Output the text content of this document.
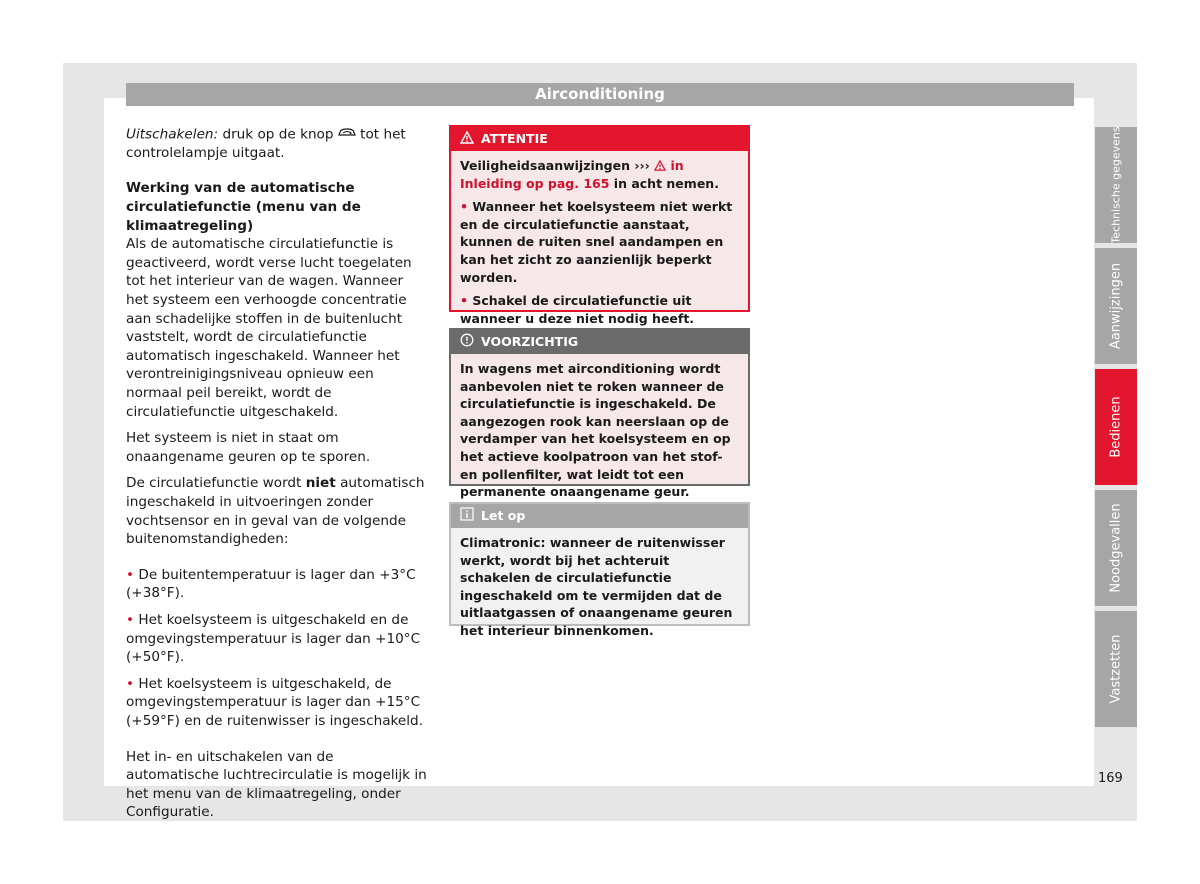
Airconditioning

Uitschakelen: druk op de knop  tot het controlelampje uitgaat.

Werking van de automatische circulatiefunctie (menu van de klimaatregeling)

Als de automatische circulatiefunctie is geactiveerd, wordt verse lucht toegelaten tot het interieur van de wagen. Wanneer het systeem een verhoogde concentratie aan schadelijke stoffen in de buitenlucht vaststelt, wordt de circulatiefunctie automatisch ingeschakeld. Wanneer het verontreinigingsniveau opnieuw een normaal peil bereikt, wordt de circulatiefunctie uitgeschakeld.

Het systeem is niet in staat om onaangename geuren op te sporen.

De circulatiefunctie wordt niet automatisch ingeschakeld in uitvoeringen zonder vochtsensor en in geval van de volgende buitenomstandigheden:

• De buitentemperatuur is lager dan +3°C (+38°F).

• Het koelsysteem is uitgeschakeld en de omgevingstemperatuur is lager dan +10°C (+50°F).

• Het koelsysteem is uitgeschakeld, de omgevingstemperatuur is lager dan +15°C (+59°F) en de ruitenwisser is ingeschakeld.

Het in- en uitschakelen van de automatische luchtrecirculatie is mogelijk in het menu van de klimaatregeling, onder Configuratie.

ATTENTIE

Veiligheidsaanwijzingen ›››  in Inleiding op pag. 165 in acht nemen.

• Wanneer het koelsysteem niet werkt en de circulatiefunctie aanstaat, kunnen de ruiten snel aandampen en kan het zicht zo aanzienlijk beperkt worden.

• Schakel de circulatiefunctie uit wanneer u deze niet nodig heeft.

VOORZICHTIG

In wagens met airconditioning wordt aanbevolen niet te roken wanneer de circulatiefunctie is ingeschakeld. De aangezogen rook kan neerslaan op de verdamper van het koelsysteem en op het actieve koolpatroon van het stof- en pollenfilter, wat leidt tot een permanente onaangename geur.

Let op

Climatronic: wanneer de ruitenwisser werkt, wordt bij het achteruit schakelen de circulatiefunctie ingeschakeld om te vermijden dat de uitlaatgassen of onaangename geuren het interieur binnenkomen.

Technische gegevens
Aanwijzingen
Bedienen
Noodgevallen
Vastzetten
169
